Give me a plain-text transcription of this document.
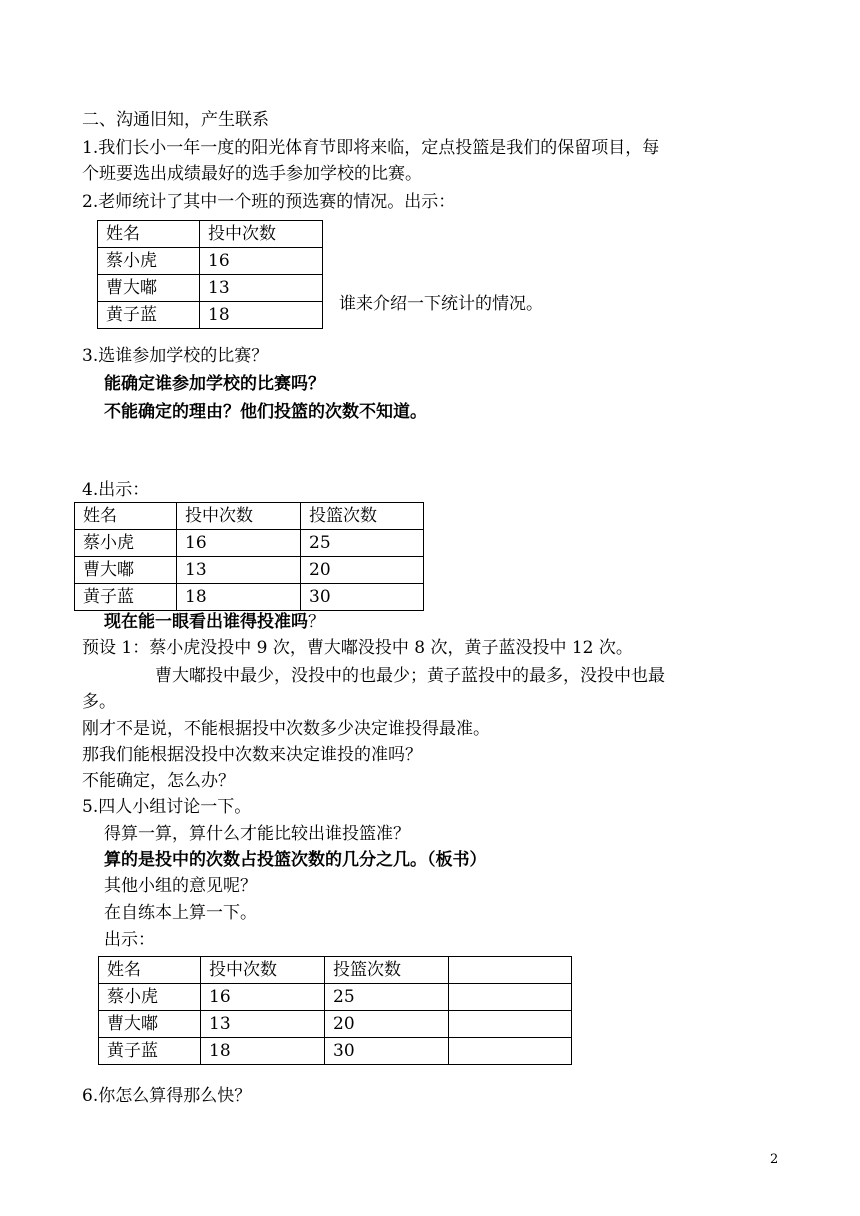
二、沟通旧知，产生联系
1.我们长小一年一度的阳光体育节即将来临，定点投篮是我们的保留项目，每
个班要选出成绩最好的选手参加学校的比赛。
2.老师统计了其中一个班的预选赛的情况。出示：
姓名	投中次数
蔡小虎	16
曹大嘟	13
黄子蓝	18
谁来介绍一下统计的情况。
3.选谁参加学校的比赛？
能确定谁参加学校的比赛吗？
不能确定的理由？他们投篮的次数不知道。
4.出示：
姓名	投中次数	投篮次数
蔡小虎	16	25
曹大嘟	13	20
黄子蓝	18	30
现在能一眼看出谁得投准吗？
预设 1：蔡小虎没投中 9 次，曹大嘟没投中 8 次，黄子蓝没投中 12 次。
曹大嘟投中最少，没投中的也最少；黄子蓝投中的最多，没投中也最
多。
刚才不是说，不能根据投中次数多少决定谁投得最准。
那我们能根据没投中次数来决定谁投的准吗？
不能确定，怎么办？
5.四人小组讨论一下。
得算一算，算什么才能比较出谁投篮准？
算的是投中的次数占投篮次数的几分之几。（板书）
其他小组的意见呢？
在自练本上算一下。
出示：
姓名	投中次数	投篮次数	
蔡小虎	16	25	
曹大嘟	13	20	
黄子蓝	18	30	
6.你怎么算得那么快？
2
